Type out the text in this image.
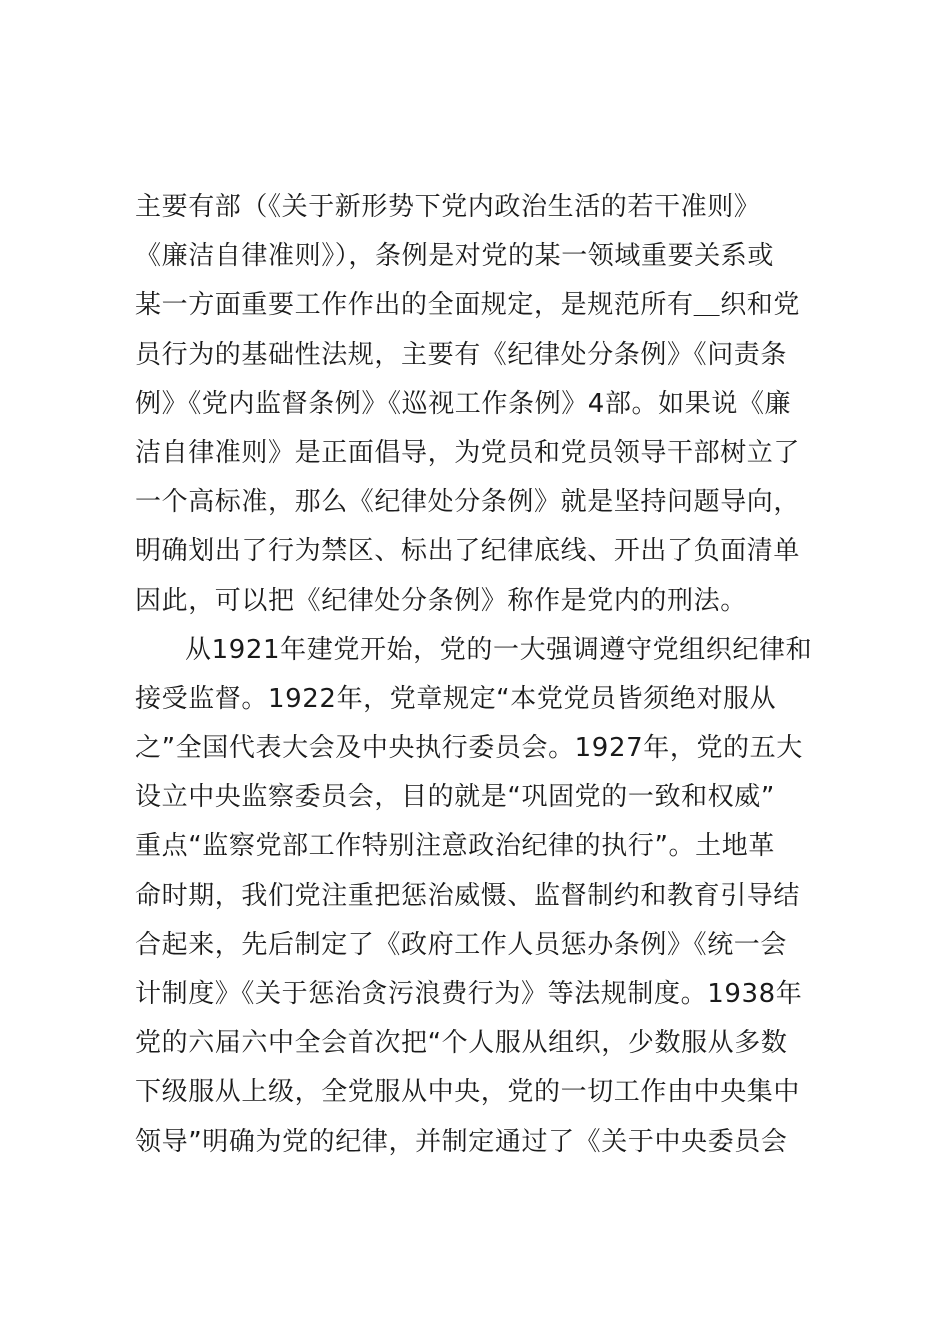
主要有部（《关于新形势下党内政治生活的若干准则》
《廉洁自律准则》），条例是对党的某一领域重要关系或
某一方面重要工作作出的全面规定，是规范所有＿织和党
员行为的基础性法规，主要有《纪律处分条例》《问责条
例》《党内监督条例》《巡视工作条例》4部。如果说《廉
洁自律准则》是正面倡导，为党员和党员领导干部树立了
一个高标准，那么《纪律处分条例》就是坚持问题导向，
明确划出了行为禁区、标出了纪律底线、开出了负面清单
因此，可以把《纪律处分条例》称作是党内的刑法。
从1921年建党开始，党的一大强调遵守党组织纪律和
接受监督。1922年，党章规定“本党党员皆须绝对服从
之”全国代表大会及中央执行委员会。1927年，党的五大
设立中央监察委员会，目的就是“巩固党的一致和权威”
重点“监察党部工作特别注意政治纪律的执行”。土地革
命时期，我们党注重把惩治威慑、监督制约和教育引导结
合起来，先后制定了《政府工作人员惩办条例》《统一会
计制度》《关于惩治贪污浪费行为》等法规制度。1938年
党的六届六中全会首次把“个人服从组织，少数服从多数
下级服从上级，全党服从中央，党的一切工作由中央集中
领导”明确为党的纪律，并制定通过了《关于中央委员会
